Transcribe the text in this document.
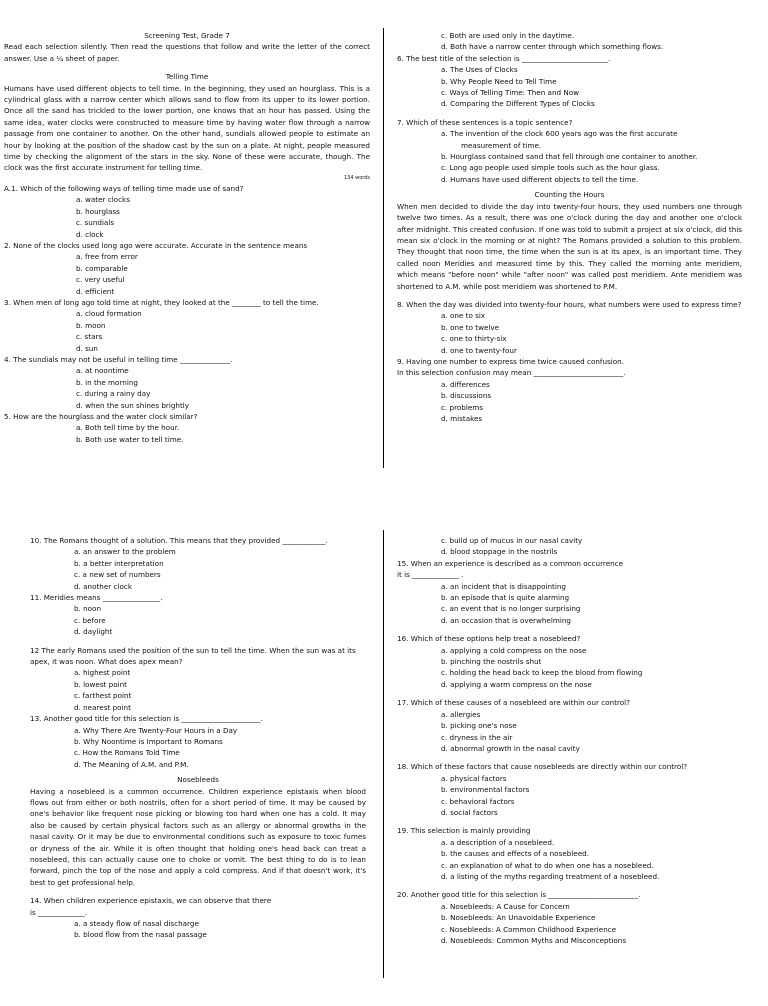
Screening Test, Grade 7

Read each selection silently. Then read the questions that follow and write the letter of the correct answer. Use a ¼ sheet of paper.

Telling Time

Humans have used different objects to tell time. In the beginning, they used an hourglass. This is a cylindrical glass with a narrow center which allows sand to flow from its upper to its lower portion. Once all the sand has trickled to the lower portion, one knows that an hour has passed. Using the same idea, water clocks were constructed to measure time by having water flow through a narrow passage from one container to another. On the other hand, sundials allowed people to estimate an hour by looking at the position of the shadow cast by the sun on a plate. At night, people measured time by checking the alignment of the stars in the sky. None of these were accurate, though. The clock was the first accurate instrument for telling time.

134 words

A.1. Which of the following ways of telling time made use of sand?

a. water clocks
b. hourglass
c. sundials
d. clock

2. None of the clocks used long ago were accurate. Accurate in the sentence means

a. free from error
b. comparable
c. very useful
d. efficient

3. When men of long ago told time at night, they looked at the ________ to tell the time.

a. cloud formation
b. moon
c. stars
d. sun

4. The sundials may not be useful in telling time ______________.

a. at noontime
b. in the morning
c. during a rainy day
d. when the sun shines brightly

5. How are the hourglass and the water clock similar?

a. Both tell time by the hour.
b. Both use water to tell time.
c. Both are used only in the daytime.
d. Both have a narrow center through which something flows.

6. The best title of the selection is ________________________.

a. The Uses of Clocks
b. Why People Need to Tell Time
c. Ways of Telling Time: Then and Now
d. Comparing the Different Types of Clocks

7. Which of these sentences is a topic sentence?

a. The invention of the clock 600 years ago was the first accurate
measurement of time.
b. Hourglass contained sand that fell through one container to another.
c. Long ago people used simple tools such as the hour glass.
d. Humans have used different objects to tell the time.
Counting the Hours

When men decided to divide the day into twenty-four hours, they used numbers one through twelve two times. As a result, there was one o'clock during the day and another one o'clock after midnight. This created confusion. If one was told to submit a project at six o'clock, did this mean six o'clock in the morning or at night? The Romans provided a solution to this problem. They thought that noon time, the time when the sun is at its apex, is an important time. They called noon Meridies and measured time by this. They called the morning ante meridiem, which means "before noon" while "after noon" was called post meridiem. Ante meridiem was shortened to A.M. while post meridiem was shortened to P.M.

8. When the day was divided into twenty-four hours, what numbers were used to express time?

a. one to six
b. one to twelve
c. one to thirty-six
d. one to twenty-four

9. Having one number to express time twice caused confusion.

In this selection confusion may mean _________________________.

a. differences
b. discussions
c. problems
d. mistakes

10. The Romans thought of a solution. This means that they provided ____________.

a. an answer to the problem
b. a better interpretation
c. a new set of numbers
d. another clock

11. Meridies means ________________.

b. noon
c. before
d. daylight

12 The early Romans used the position of the sun to tell the time. When the sun was at its apex, it was noon. What does apex mean?

a. highest point
b. lowest point
c. farthest point
d. nearest point

13. Another good title for this selection is ______________________.

a. Why There Are Twenty-Four Hours in a Day
b. Why Noontime is Important to Romans
c. How the Romans Told Time
d. The Meaning of A.M. and P.M.
Nosebleeds

Having a nosebleed is a common occurrence. Children experience epistaxis when blood flows out from either or both nostrils, often for a short period of time. It may be caused by one's behavior like frequent nose picking or blowing too hard when one has a cold. It may also be caused by certain physical factors such as an allergy or abnormal growths in the nasal cavity. Or it may be due to environmental conditions such as exposure to toxic fumes or dryness of the air. While it is often thought that holding one's head back can treat a nosebleed, this can actually cause one to choke or vomit. The best thing to do is to lean forward, pinch the top of the nose and apply a cold compress. And if that doesn't work, it's best to get professional help.

14. When children experience epistaxis, we can observe that there

is _____________.

a. a steady flow of nasal discharge
b. blood flow from the nasal passage
c. build up of mucus in our nasal cavity
d. blood stoppage in the nostrils

15. When an experience is described as a common occurrence

it is _____________ .

a. an incident that is disappointing
b. an episode that is quite alarming
c. an event that is no longer surprising
d. an occasion that is overwhelming

16. Which of these options help treat a nosebleed?

a. applying a cold compress on the nose
b. pinching the nostrils shut
c. holding the head back to keep the blood from flowing
d. applying a warm compress on the nose

17. Which of these causes of a nosebleed are within our control?

a. allergies
b. picking one's nose
c. dryness in the air
d. abnormal growth in the nasal cavity

18. Which of these factors that cause nosebleeds are directly within our control?

a. physical factors
b. environmental factors
c. behavioral factors
d. social factors

19. This selection is mainly providing

a. a description of a nosebleed.
b. the causes and effects of a nosebleed.
c. an explanation of what to do when one has a nosebleed.
d. a listing of the myths regarding treatment of a nosebleed.

20. Another good title for this selection is _________________________.

a. Nosebleeds: A Cause for Concern
b. Nosebleeds: An Unavoidable Experience
c. Nosebleeds: A Common Childhood Experience
d. Nosebleeds: Common Myths and Misconceptions
